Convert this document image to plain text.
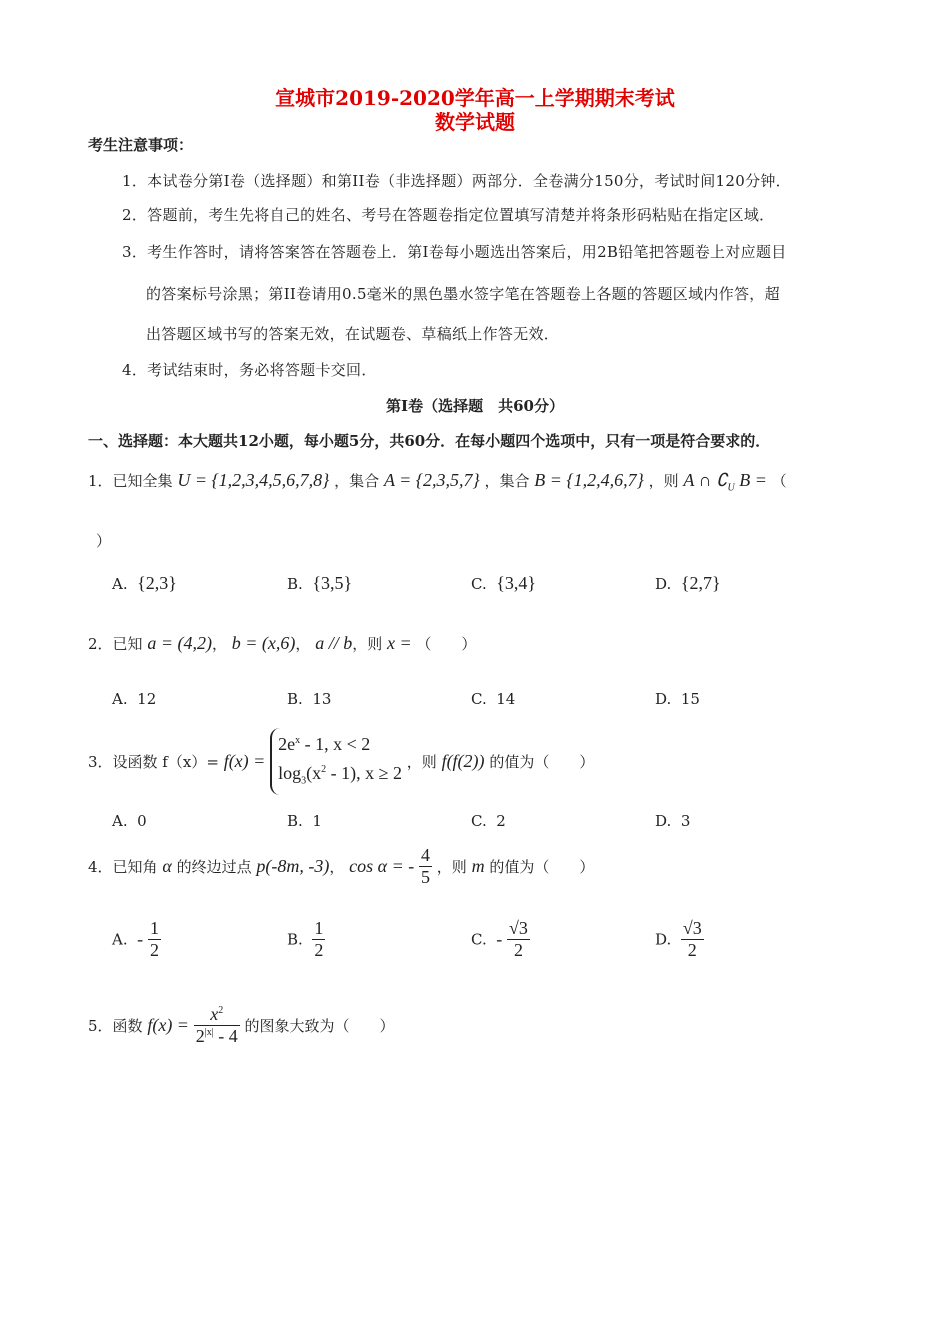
宣城市2019-2020学年高一上学期期末考试
数学试题
考生注意事项：
1．本试卷分第Ⅰ卷（选择题）和第II卷（非选择题）两部分．全卷满分150分，考试时间120分钟．
2．答题前，考生先将自己的姓名、考号在答题卷指定位置填写清楚并将条形码粘贴在指定区域．
3．考生作答时，请将答案答在答题卷上．第Ⅰ卷每小题选出答案后，用2B铅笔把答题卷上对应题目
的答案标号涂黑；第II卷请用0.5毫米的黑色墨水签字笔在答题卷上各题的答题区域内作答，超
出答题区域书写的答案无效，在试题卷、草稿纸上作答无效．
4．考试结束时，务必将答题卡交回．
第Ⅰ卷（选择题　共60分）
一、选择题：本大题共12小题，每小题5分，共60分．在每小题四个选项中，只有一项是符合要求的．
1．已知全集 U = {1,2,3,4,5,6,7,8} ，集合 A = {2,3,5,7} ，集合 B = {1,2,4,6,7} ，则 A ∩ $∁_U$ B = （
）
A. {2,3}	B. {3,5}	C. {3,4}	D. {2,7}
2．已知 a = (4,2)， b = (x,6)， a // b，则 x = （　　）
A. 12	B. 13	C. 14	D. 15
3．设函数 f（x）= f(x) =
$2e^x - 1$, x < 2
$\log_3(x^2 - 1)$, x ≥ 2
，则 f(f(2)) 的值为（　　）
A. 0	B. 1	C. 2	D. 3
4．已知角 α 的终边过点 p(-8m, -3)， cos α = - $\frac{4}{5}$ ，则 m 的值为（　　）
A. - $\frac{1}{2}$	B. $\frac{1}{2}$	C. - $\frac{√3}{2}$	D. $\frac{√3}{2}$
5．函数 $f(x) = \frac{x^2}{2^{|x|} - 4}$ 的图象大致为（　　）
